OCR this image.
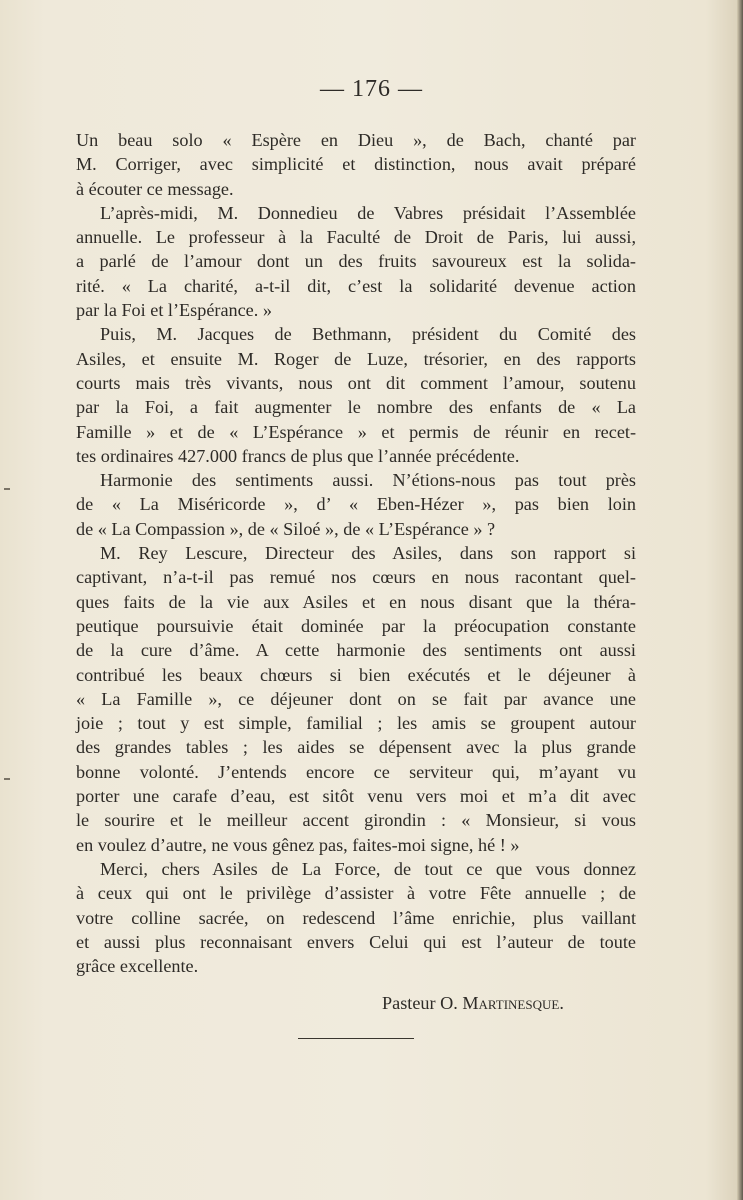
— 176 —
Un beau solo « Espère en Dieu », de Bach, chanté par
M. Corriger, avec simplicité et distinction, nous avait préparé
à écouter ce message.
L’après-midi, M. Donnedieu de Vabres présidait l’Assemblée
annuelle. Le professeur à la Faculté de Droit de Paris, lui aussi,
a parlé de l’amour dont un des fruits savoureux est la solida-
rité. « La charité, a-t-il dit, c’est la solidarité devenue action
par la Foi et l’Espérance. »
Puis, M. Jacques de Bethmann, président du Comité des
Asiles, et ensuite M. Roger de Luze, trésorier, en des rapports
courts mais très vivants, nous ont dit comment l’amour, soutenu
par la Foi, a fait augmenter le nombre des enfants de « La
Famille » et de « L’Espérance » et permis de réunir en recet-
tes ordinaires 427.000 francs de plus que l’année précédente.
Harmonie des sentiments aussi. N’étions-nous pas tout près
de « La Miséricorde », d’ « Eben-Hézer », pas bien loin
de « La Compassion », de « Siloé », de « L’Espérance » ?
M. Rey Lescure, Directeur des Asiles, dans son rapport si
captivant, n’a-t-il pas remué nos cœurs en nous racontant quel-
ques faits de la vie aux Asiles et en nous disant que la théra-
peutique poursuivie était dominée par la préocupation constante
de la cure d’âme. A cette harmonie des sentiments ont aussi
contribué les beaux chœurs si bien exécutés et le déjeuner à
« La Famille », ce déjeuner dont on se fait par avance une
joie ; tout y est simple, familial ; les amis se groupent autour
des grandes tables ; les aides se dépensent avec la plus grande
bonne volonté. J’entends encore ce serviteur qui, m’ayant vu
porter une carafe d’eau, est sitôt venu vers moi et m’a dit avec
le sourire et le meilleur accent girondin : « Monsieur, si vous
en voulez d’autre, ne vous gênez pas, faites-moi signe, hé ! »
Merci, chers Asiles de La Force, de tout ce que vous donnez
à ceux qui ont le privilège d’assister à votre Fête annuelle ; de
votre colline sacrée, on redescend l’âme enrichie, plus vaillant
et aussi plus reconnaisant envers Celui qui est l’auteur de toute
grâce excellente.
Pasteur O. Martinesque.
